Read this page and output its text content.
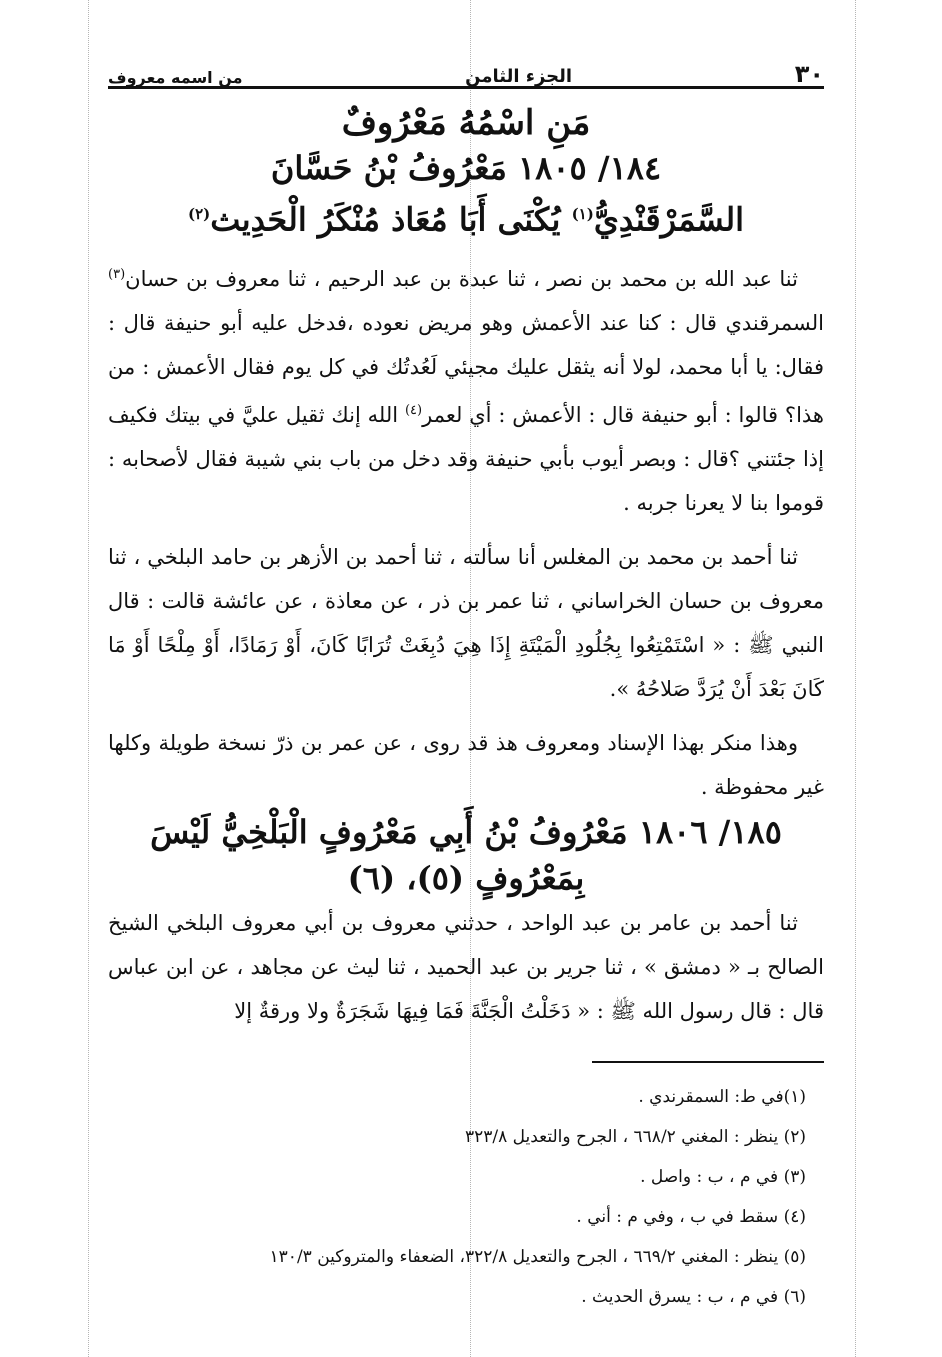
٣٠
الجزء الثامن
من اسمه معروف
مَنِ اسْمُهُ مَعْرُوفٌ
١٨٤/ ١٨٠٥ مَعْرُوفُ بْنُ حَسَّانَ
السَّمَرْقَنْدِيُّ$^{(١)}$ يُكْنَى أَبَا مُعَاذ مُنْكَرُ الْحَدِيث$^{(٢)}$

ثنا عبد الله بن محمد بن نصر ، ثنا عبدة بن عبد الرحيم ، ثنا معروف بن حسان$^{(٣)}$ السمرقندي قال : كنا عند الأعمش وهو مريض نعوده ،فدخل عليه أبو حنيفة قال : فقال: يا أبا محمد، لولا أنه يثقل عليك مجيئي لَعُدتُك في كل يوم فقال الأعمش : من هذا؟ قالوا : أبو حنيفة قال : الأعمش : أي لعمر$^{(٤)}$ الله إنك ثقيل عليَّ في بيتك فكيف إذا جئتني ؟قال : وبصر أيوب بأبي حنيفة وقد دخل من باب بني شيبة فقال لأصحابه : قوموا بنا لا يعرنا جربه .

ثنا أحمد بن محمد بن المغلس أنا سألته ، ثنا أحمد بن الأزهر بن حامد البلخي ، ثنا معروف بن حسان الخراساني ، ثنا عمر بن ذر ، عن معاذة ، عن عائشة قالت : قال النبي ﷺ : « اسْتَمْتِعُوا بِجُلُودِ الْمَيْتَةِ إِذَا هِيَ دُبِغَتْ تُرَابًا كَانَ، أَوْ رَمَادًا، أَوْ مِلْحًا أَوْ مَا كَانَ بَعْدَ أَنْ يُرَدَّ صَلاحُهُ ».

وهذا منكر بهذا الإسناد ومعروف هذ قد روى ، عن عمر بن ذرّ نسخة طويلة وكلها غير محفوظة .

١٨٥/ ١٨٠٦ مَعْرُوفُ بْنُ أَبِي مَعْرُوفٍ الْبَلْخِيُّ لَيْسَ بِمَعْرُوفٍ (٥)، (٦)

ثنا أحمد بن عامر بن عبد الواحد ، حدثني معروف بن أبي معروف البلخي الشيخ الصالح بـ « دمشق » ، ثنا جرير بن عبد الحميد ، ثنا ليث عن مجاهد ، عن ابن عباس قال : قال رسول الله ﷺ : « دَخَلْتُ الْجَنَّةَ فَمَا فِيهَا شَجَرَةٌ ولا ورقةٌ إلا

(١)في ط: السمقرندي .

(٢) ينظر : المغني ٦٦٨/٢ ، الجرح والتعديل ٣٢٣/٨

(٣) في م ، ب : واصل .

(٤) سقط في ب ، وفي م : أني .

(٥) ينظر : المغني ٦٦٩/٢ ، الجرح والتعديل ٣٢٢/٨، الضعفاء والمتروكين ١٣٠/٣

(٦) في م ، ب : يسرق الحديث .
